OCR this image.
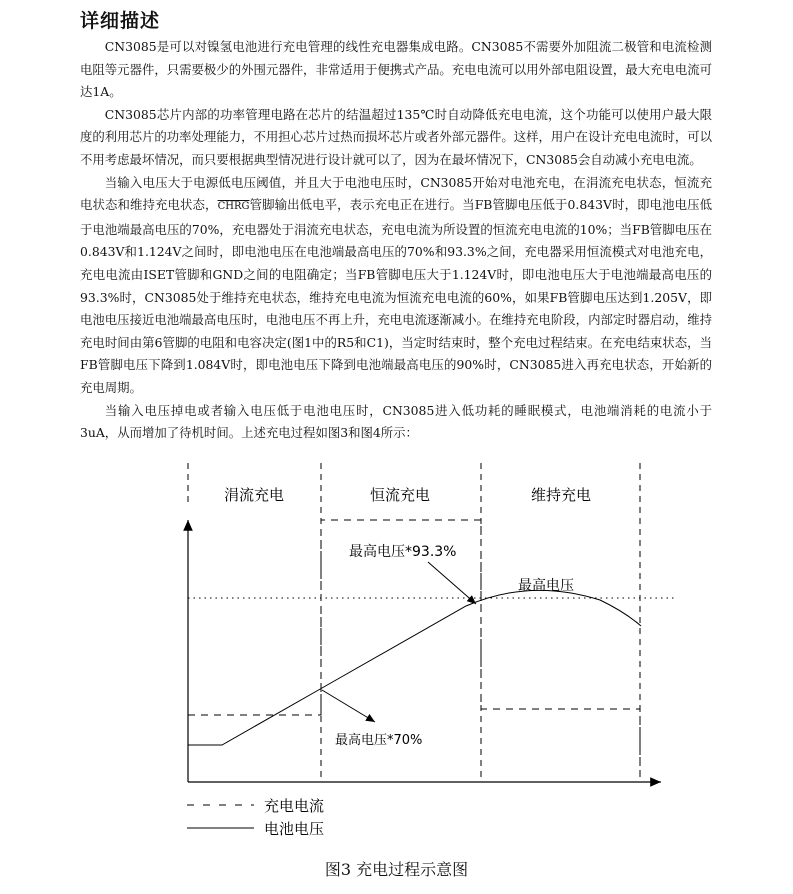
详细描述

CN3085是可以对镍氢电池进行充电管理的线性充电器集成电路。CN3085不需要外加阻流二极管和电流检测电阻等元器件，只需要极少的外围元器件，非常适用于便携式产品。充电电流可以用外部电阻设置，最大充电电流可达1A。

CN3085芯片内部的功率管理电路在芯片的结温超过135℃时自动降低充电电流，这个功能可以使用户最大限度的利用芯片的功率处理能力，不用担心芯片过热而损坏芯片或者外部元器件。这样，用户在设计充电电流时，可以不用考虑最坏情况，而只要根据典型情况进行设计就可以了，因为在最坏情况下，CN3085会自动减小充电电流。

当输入电压大于电源低电压阈值，并且大于电池电压时，CN3085开始对电池充电，在涓流充电状态，恒流充电状态和维持充电状态，CHRG管脚输出低电平，表示充电正在进行。当FB管脚电压低于0.843V时，即电池电压低于电池端最高电压的70%，充电器处于涓流充电状态，充电电流为所设置的恒流充电电流的10%；当FB管脚电压在0.843V和1.124V之间时，即电池电压在电池端最高电压的70%和93.3%之间，充电器采用恒流模式对电池充电，充电电流由ISET管脚和GND之间的电阻确定；当FB管脚电压大于1.124V时，即电池电压大于电池端最高电压的93.3%时，CN3085处于维持充电状态，维持充电电流为恒流充电电流的60%，如果FB管脚电压达到1.205V，即电池电压接近电池端最高电压时，电池电压不再上升，充电电流逐渐减小。在维持充电阶段，内部定时器启动，维持充电时间由第6管脚的电阻和电容决定(图1中的R5和C1)，当定时结束时，整个充电过程结束。在充电结束状态，当FB管脚电压下降到1.084V时，即电池电压下降到电池端最高电压的90%时，CN3085进入再充电状态，开始新的充电周期。

当输入电压掉电或者输入电压低于电池电压时，CN3085进入低功耗的睡眠模式，电池端消耗的电流小于3uA，从而增加了待机时间。上述充电过程如图3和图4所示：

涓流充电	恒流充电	维持充电
最高电压*93.3%
最高电压
最高电压*70%
充电电流
电池电压
图3 充电过程示意图
